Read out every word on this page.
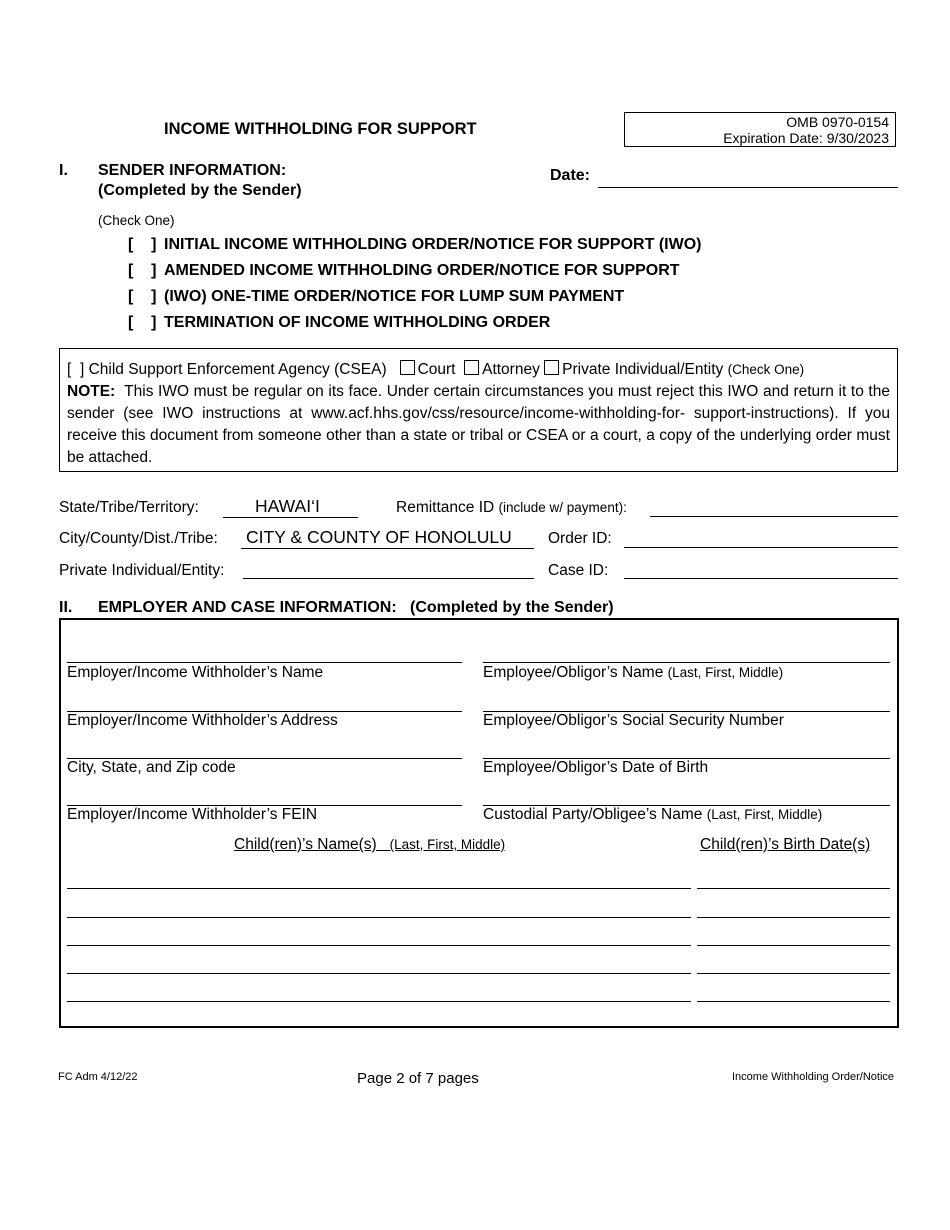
INCOME WITHHOLDING FOR SUPPORT	OMB 0970-0154
Expiration Date: 9/30/2023
I. SENDER INFORMATION:
(Completed by the Sender)
Date:
(Check One)
[ ] INITIAL INCOME WITHHOLDING ORDER/NOTICE FOR SUPPORT (IWO)
[ ] AMENDED INCOME WITHHOLDING ORDER/NOTICE FOR SUPPORT
[ ] (IWO) ONE-TIME ORDER/NOTICE FOR LUMP SUM PAYMENT
[ ] TERMINATION OF INCOME WITHHOLDING ORDER
[ ] Child Support Enforcement Agency (CSEA) Court Attorney Private Individual/Entity (Check One)
NOTE: This IWO must be regular on its face. Under certain circumstances you must reject this IWO and return it to the sender (see IWO instructions at www.acf.hhs.gov/css/resource/income-withholding-for- support-instructions). If you receive this document from someone other than a state or tribal or CSEA or a court, a copy of the underlying order must be attached.
State/Tribe/Territory:	HAWAI‘I	Remittance ID (include w/ payment):
City/County/Dist./Tribe: CITY & COUNTY OF HONOLULU Order ID:
Private Individual/Entity:	Case ID:
II. EMPLOYER AND CASE INFORMATION: (Completed by the Sender)
Employer/Income Withholder’s Name	Employee/Obligor’s Name (Last, First, Middle)
Employer/Income Withholder’s Address	Employee/Obligor’s Social Security Number
City, State, and Zip code	Employee/Obligor’s Date of Birth
Employer/Income Withholder’s FEIN	Custodial Party/Obligee’s Name (Last, First, Middle)
Child(ren)’s Name(s) (Last, First, Middle)	Child(ren)’s Birth Date(s)
FC Adm 4/12/22	Page 2 of 7 pages	Income Withholding Order/Notice
